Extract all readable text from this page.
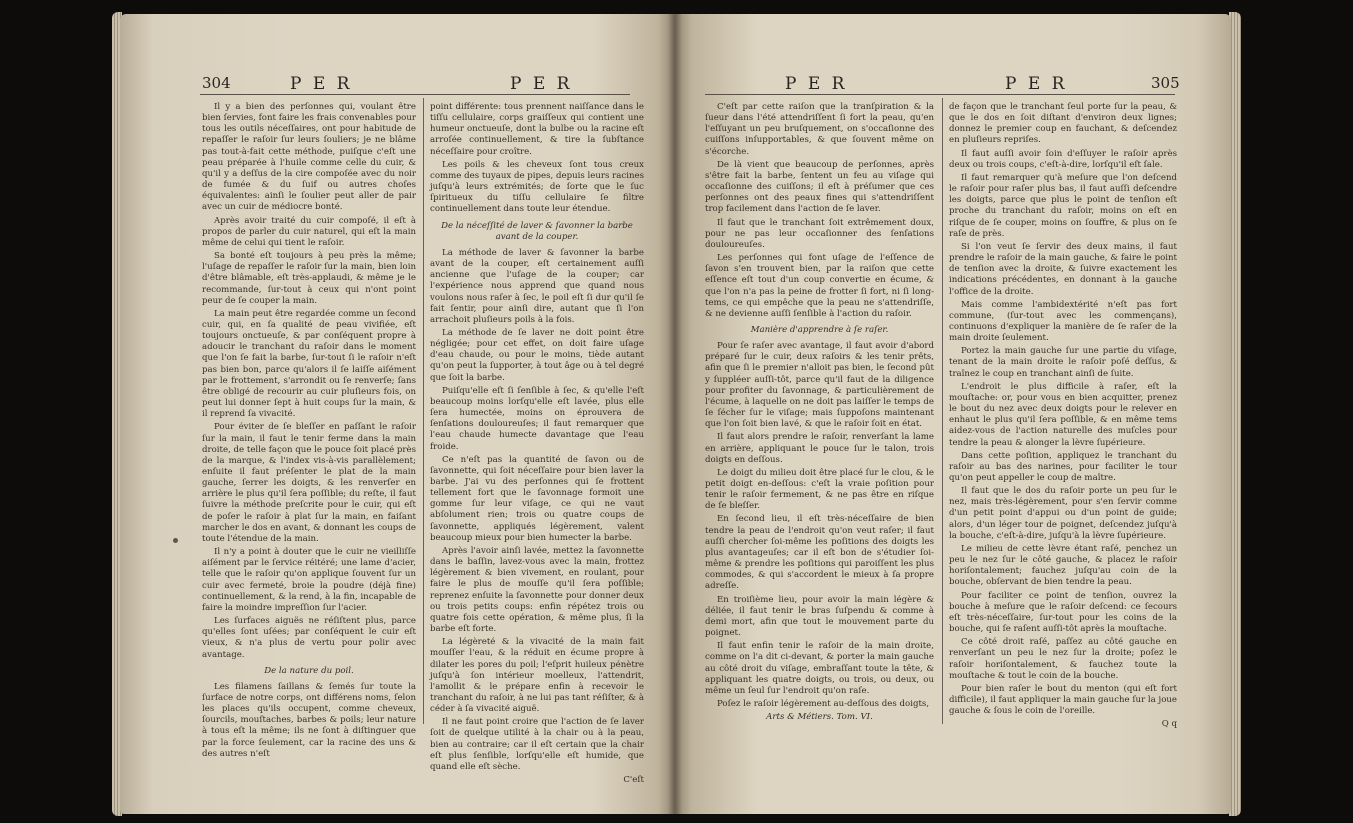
304	P E R	P E R

Il y a bien des perſonnes qui, voulant être bien ſervies, font faire les frais convenables pour tous les outils néceſſaires, ont pour habitude de repaſſer le raſoir ſur leurs ſouliers; je ne blâme pas tout-à-fait cette méthode, puiſque c'eſt une peau préparée à l'huile comme celle du cuir, & qu'il y a deſſus de la cire compoſée avec du noir de fumée & du ſuif ou autres choſes équivalentes: ainſi le ſoulier peut aller de pair avec un cuir de médiocre bonté.

Après avoir traité du cuir compoſé, il eſt à propos de parler du cuir naturel, qui eſt la main même de celui qui tient le raſoir.

Sa bonté eſt toujours à peu près la même; l'uſage de repaſſer le raſoir ſur la main, bien loin d'être blâmable, eſt très-applaudi, & même je le recommande, ſur-tout à ceux qui n'ont point peur de ſe couper la main.

La main peut être regardée comme un ſecond cuir, qui, en ſa qualité de peau vivifiée, eſt toujours onctueuſe, & par conſéquent propre à adoucir le tranchant du raſoir dans le moment que l'on ſe fait la barbe, ſur-tout ſi le raſoir n'eſt pas bien bon, parce qu'alors il ſe laiſſe aiſément par le frottement, s'arrondit ou ſe renverſe; ſans être obligé de recourir au cuir pluſieurs fois, on peut lui donner ſept à huit coups ſur la main, & il reprend ſa vivacité.

Pour éviter de ſe bleſſer en paſſant le raſoir ſur la main, il faut le tenir ferme dans la main droite, de telle façon que le pouce ſoit placé près de la marque, & l'index vis-à-vis parallèlement; enſuite il faut préſenter le plat de la main gauche, ſerrer les doigts, & les renverſer en arrière le plus qu'il ſera poſſible; du reſte, il faut ſuivre la méthode preſcrite pour le cuir, qui eſt de poſer le raſoir à plat ſur la main, en faiſant marcher le dos en avant, & donnant les coups de toute l'étendue de la main.

Il n'y a point à douter que le cuir ne vieilliſſe aiſément par le ſervice réitéré; une lame d'acier, telle que le raſoir qu'on applique ſouvent ſur un cuir avec fermeté, broie la poudre (déjà fine) continuellement, & la rend, à la fin, incapable de faire la moindre impreſſion ſur l'acier.

Les ſurfaces aiguës ne réſiſtent plus, parce qu'elles ſont uſées; par conſéquent le cuir eſt vieux, & n'a plus de vertu pour polir avec avantage.

De la nature du poil.

Les filamens ſaillans & ſemés ſur toute la ſurface de notre corps, ont différens noms, ſelon les places qu'ils occupent, comme cheveux, ſourcils, mouſtaches, barbes & poils; leur nature à tous eſt la même; ils ne ſont à diſtinguer que par la force ſeulement, car la racine des uns & des autres n'eſt

point différente: tous prennent naiſſance dans le tiſſu cellulaire, corps graiſſeux qui contient une humeur onctueuſe, dont la bulbe ou la racine eſt arroſée continuellement, & tire la ſubſtance néceſſaire pour croître.

Les poils & les cheveux ſont tous creux comme des tuyaux de pipes, depuis leurs racines juſqu'à leurs extrémités; de ſorte que le ſuc ſpiritueux du tiſſu cellulaire ſe filtre continuellement dans toute leur étendue.

De la néceſſité de laver & ſavonner la barbe avant de la couper.

La méthode de laver & ſavonner la barbe avant de la couper, eſt certainement auſſi ancienne que l'uſage de la couper; car l'expérience nous apprend que quand nous voulons nous raſer à ſec, le poil eſt ſi dur qu'il ſe fait ſentir, pour ainſi dire, autant que ſi l'on arrachoit pluſieurs poils à la fois.

La méthode de ſe laver ne doit point être négligée; pour cet effet, on doit faire uſage d'eau chaude, ou pour le moins, tiède autant qu'on peut la ſupporter, à tout âge ou à tel degré que ſoit la barbe.

Puiſqu'elle eſt ſi ſenſible à ſec, & qu'elle l'eſt beaucoup moins lorſqu'elle eſt lavée, plus elle ſera humectée, moins on éprouvera de ſenſations douloureuſes; il faut remarquer que l'eau chaude humecte davantage que l'eau froide.

Ce n'eſt pas la quantité de ſavon ou de ſavonnette, qui ſoit néceſſaire pour bien laver la barbe. J'ai vu des perſonnes qui ſe frottent tellement fort que le ſavonnage formoit une gomme ſur leur viſage, ce qui ne vaut abſolument rien; trois ou quatre coups de ſavonnette, appliqués légèrement, valent beaucoup mieux pour bien humecter la barbe.

Après l'avoir ainſi lavée, mettez la ſavonnette dans le baſſin, lavez-vous avec la main, frottez légèrement & bien vivement, en roulant, pour faire le plus de mouſſe qu'il ſera poſſible; reprenez enſuite la ſavonnette pour donner deux ou trois petits coups: enfin répétez trois ou quatre fois cette opération, & même plus, ſi la barbe eſt forte.

La légèreté & la vivacité de la main fait mouſſer l'eau, & la réduit en écume propre à dilater les pores du poil; l'eſprit huileux pénètre juſqu'à ſon intérieur moelleux, l'attendrit, l'amollit & le prépare enfin à recevoir le tranchant du raſoir, à ne lui pas tant réſiſter, & à céder à ſa vivacité aiguë.

Il ne faut point croire que l'action de ſe laver ſoit de quelque utilité à la chair ou à la peau, bien au contraire; car il eſt certain que la chair eſt plus ſenſible, lorſqu'elle eſt humide, que quand elle eſt sèche.

C'eſt

P E R	P E R	305

C'eſt par cette raiſon que la tranſpiration & la ſueur dans l'été attendriſſent ſi fort la peau, qu'en l'eſſuyant un peu bruſquement, on s'occaſionne des cuiſſons inſupportables, & que ſouvent même on s'écorche.

De là vient que beaucoup de perſonnes, après s'être fait la barbe, ſentent un feu au viſage qui occaſionne des cuiſſons; il eſt à préſumer que ces perſonnes ont des peaux fines qui s'attendriſſent trop facilement dans l'action de ſe laver.

Il faut que le tranchant ſoit extrêmement doux, pour ne pas leur occaſionner des ſenſations douloureuſes.

Les perſonnes qui font uſage de l'eſſence de ſavon s'en trouvent bien, par la raiſon que cette eſſence eſt tout d'un coup convertie en écume, & que l'on n'a pas la peine de frotter ſi fort, ni ſi long-tems, ce qui empêche que la peau ne s'attendriſſe, & ne devienne auſſi ſenſible à l'action du raſoir.

Manière d'apprendre à ſe raſer.

Pour ſe raſer avec avantage, il faut avoir d'abord préparé ſur le cuir, deux raſoirs & les tenir prêts, afin que ſi le premier n'alloit pas bien, le ſecond pût y ſuppléer auſſi-tôt, parce qu'il faut de la diligence pour profiter du ſavonnage, & particulièrement de l'écume, à laquelle on ne doit pas laiſſer le temps de ſe ſécher ſur le viſage; mais ſuppoſons maintenant que l'on ſoit bien lavé, & que le raſoir ſoit en état.

Il faut alors prendre le raſoir, renverſant la lame en arrière, appliquant le pouce ſur le talon, trois doigts en deſſous.

Le doigt du milieu doit être placé ſur le clou, & le petit doigt en-deſſous: c'eſt la vraie poſition pour tenir le raſoir fermement, & ne pas être en riſque de ſe bleſſer.

En ſecond lieu, il eſt très-néceſſaire de bien tendre la peau de l'endroit qu'on veut raſer; il faut auſſi chercher ſoi-même les poſitions des doigts les plus avantageuſes; car il eſt bon de s'étudier ſoi-même & prendre les poſitions qui paroiſſent les plus commodes, & qui s'accordent le mieux à ſa propre adreſſe.

En troiſième lieu, pour avoir la main légère & déliée, il faut tenir le bras ſuſpendu & comme à demi mort, afin que tout le mouvement parte du poignet.

Il faut enfin tenir le raſoir de la main droite, comme on l'a dit ci-devant, & porter la main gauche au côté droit du viſage, embraſſant toute la tête, & appliquant les quatre doigts, ou trois, ou deux, ou même un ſeul ſur l'endroit qu'on raſe.

Poſez le raſoir légèrement au-deſſous des doigts,

Arts & Métiers. Tom. VI.

de façon que le tranchant ſeul porte ſur la peau, & que le dos en ſoit diſtant d'environ deux lignes; donnez le premier coup en fauchant, & deſcendez en pluſieurs repriſes.

Il faut auſſi avoir ſoin d'eſſuyer le raſoir après deux ou trois coups, c'eſt-à-dire, lorſqu'il eſt ſale.

Il faut remarquer qu'à meſure que l'on deſcend le raſoir pour raſer plus bas, il faut auſſi deſcendre les doigts, parce que plus le point de tenſion eſt proche du tranchant du raſoir, moins on eſt en riſque de ſe couper, moins on ſouffre, & plus on ſe raſe de près.

Si l'on veut ſe ſervir des deux mains, il faut prendre le raſoir de la main gauche, & faire le point de tenſion avec la droite, & ſuivre exactement les indications précédentes, en donnant à la gauche l'office de la droite.

Mais comme l'ambidextérité n'eſt pas fort commune, (ſur-tout avec les commençans), continuons d'expliquer la manière de ſe raſer de la main droite ſeulement.

Portez la main gauche ſur une partie du viſage, tenant de la main droite le raſoir poſé deſſus, & traînez le coup en tranchant ainſi de ſuite.

L'endroit le plus difficile à raſer, eſt la mouſtache: or, pour vous en bien acquitter, prenez le bout du nez avec deux doigts pour le relever en enhaut le plus qu'il ſera poſſible, & en même tems aidez-vous de l'action naturelle des muſcles pour tendre la peau & alonger la lèvre ſupérieure.

Dans cette poſition, appliquez le tranchant du raſoir au bas des narines, pour faciliter le tour qu'on peut appeller le coup de maître.

Il faut que le dos du raſoir porte un peu ſur le nez, mais très-légèrement, pour s'en ſervir comme d'un petit point d'appui ou d'un point de guide; alors, d'un léger tour de poignet, deſcendez juſqu'à la bouche, c'eſt-à-dire, juſqu'à la lèvre ſupérieure.

Le milieu de cette lèvre étant raſé, penchez un peu le nez ſur le côté gauche, & placez le raſoir horiſontalement; fauchez juſqu'au coin de la bouche, obſervant de bien tendre la peau.

Pour faciliter ce point de tenſion, ouvrez la bouche à meſure que le raſoir deſcend: ce ſecours eſt très-néceſſaire, ſur-tout pour les coins de la bouche, qui ſe raſent auſſi-tôt après la mouſtache.

Ce côté droit raſé, paſſez au côté gauche en renverſant un peu le nez ſur la droite; poſez le raſoir horiſontalement, & fauchez toute la mouſtache & tout le coin de la bouche.

Pour bien raſer le bout du menton (qui eſt fort difficile), il faut appliquer la main gauche ſur la joue gauche & ſous le coin de l'oreille.

Q q
